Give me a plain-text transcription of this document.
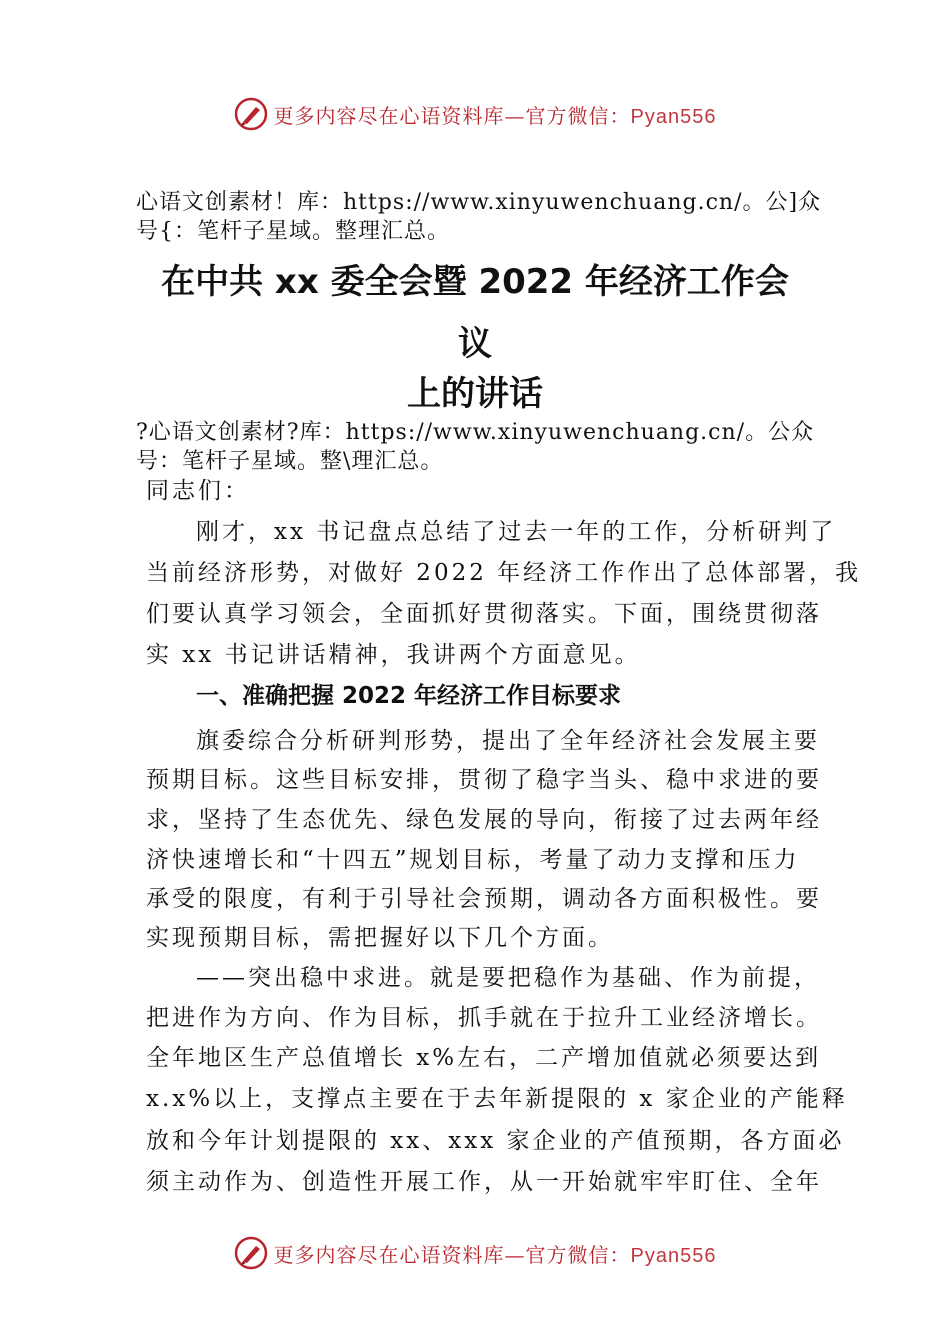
更多内容尽在心语资料库—官方微信：Pyan556
心语文创素材！库：https://www.xinyuwenchuang.cn/。公]众
号{：笔杆子星域。整理汇总。
在中共 xx 委全会暨 2022 年经济工作会
议
上的讲话
?心语文创素材?库：https://www.xinyuwenchuang.cn/。公众
号：笔杆子星域。整\理汇总。
同志们：
刚才，xx 书记盘点总结了过去一年的工作，分析研判了
当前经济形势，对做好 2022 年经济工作作出了总体部署，我
们要认真学习领会，全面抓好贯彻落实。下面，围绕贯彻落
实 xx 书记讲话精神，我讲两个方面意见。
一、准确把握 2022 年经济工作目标要求
旗委综合分析研判形势，提出了全年经济社会发展主要
预期目标。这些目标安排，贯彻了稳字当头、稳中求进的要
求，坚持了生态优先、绿色发展的导向，衔接了过去两年经
济快速增长和“十四五”规划目标，考量了动力支撑和压力
承受的限度，有利于引导社会预期，调动各方面积极性。要
实现预期目标，需把握好以下几个方面。
——突出稳中求进。就是要把稳作为基础、作为前提，
把进作为方向、作为目标，抓手就在于拉升工业经济增长。
全年地区生产总值增长 x%左右，二产增加值就必须要达到
x.x%以上，支撑点主要在于去年新提限的 x 家企业的产能释
放和今年计划提限的 xx、xxx 家企业的产值预期，各方面必
须主动作为、创造性开展工作，从一开始就牢牢盯住、全年
更多内容尽在心语资料库—官方微信：Pyan556
